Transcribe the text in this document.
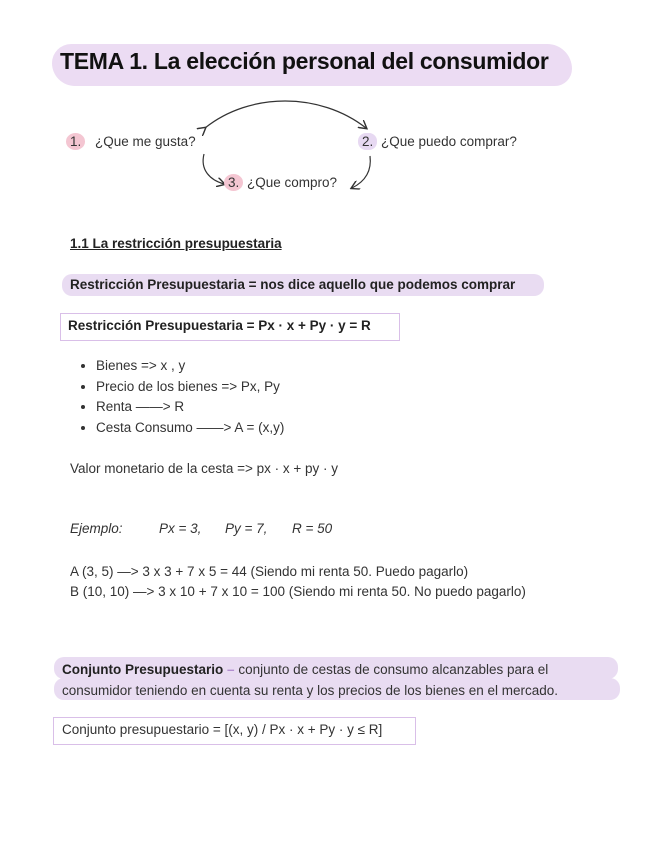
TEMA 1. La elección personal del consumidor
1. ¿Que me gusta?	2. ¿Que puedo comprar?
3. ¿Que compro?
1.1 La restricción presupuestaria
Restricción Presupuestaria = nos dice aquello que podemos comprar
Restricción Presupuestaria = Px · x + Py · y = R
• Bienes => x , y
• Precio de los bienes => Px, Py
• Renta ——> R
• Cesta Consumo ——> A = (x,y)
Valor monetario de la cesta => px · x + py · y
Ejemplo:	Px = 3, Py = 7, R = 50
A (3, 5) —> 3 x 3 + 7 x 5 = 44 (Siendo mi renta 50. Puedo pagarlo)
B (10, 10) —> 3 x 10 + 7 x 10 = 100 (Siendo mi renta 50. No puedo pagarlo)
Conjunto Presupuestario – conjunto de cestas de consumo alcanzables para el
consumidor teniendo en cuenta su renta y los precios de los bienes en el mercado.
Conjunto presupuestario = [(x, y) / Px · x + Py · y ≤ R]
